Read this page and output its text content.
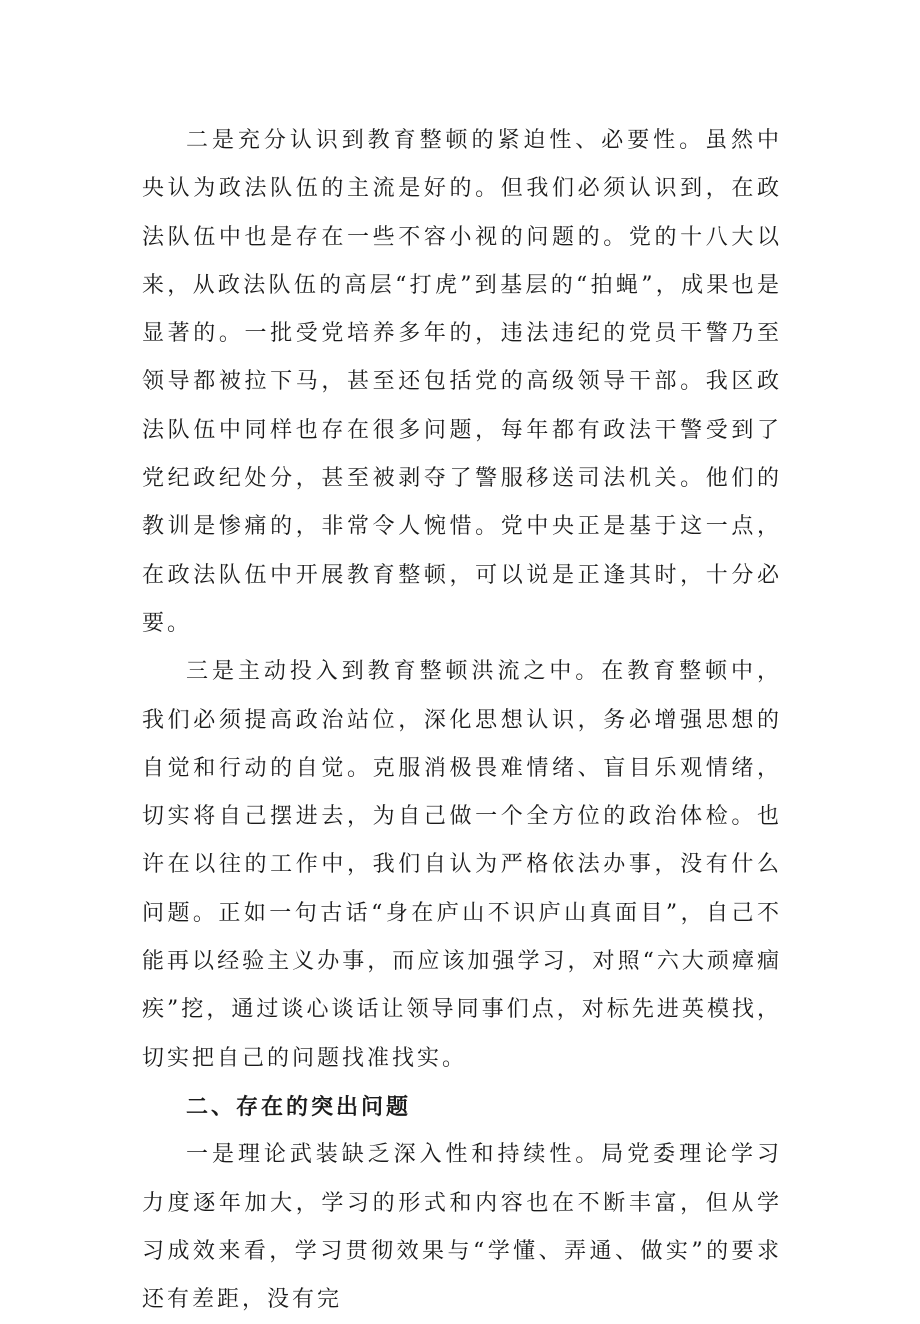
二是充分认识到教育整顿的紧迫性、必要性。虽然中央认为政法队伍的主流是好的。但我们必须认识到，在政法队伍中也是存在一些不容小视的问题的。党的十八大以来，从政法队伍的高层“打虎”到基层的“拍蝇”，成果也是显著的。一批受党培养多年的，违法违纪的党员干警乃至领导都被拉下马，甚至还包括党的高级领导干部。我区政法队伍中同样也存在很多问题，每年都有政法干警受到了党纪政纪处分，甚至被剥夺了警服移送司法机关。他们的教训是惨痛的，非常令人惋惜。党中央正是基于这一点，在政法队伍中开展教育整顿，可以说是正逢其时，十分必要。

三是主动投入到教育整顿洪流之中。在教育整顿中，我们必须提高政治站位，深化思想认识，务必增强思想的自觉和行动的自觉。克服消极畏难情绪、盲目乐观情绪，切实将自己摆进去，为自己做一个全方位的政治体检。也许在以往的工作中，我们自认为严格依法办事，没有什么问题。正如一句古话“身在庐山不识庐山真面目”，自己不能再以经验主义办事，而应该加强学习，对照“六大顽瘴痼疾”挖，通过谈心谈话让领导同事们点，对标先进英模找，切实把自己的问题找准找实。

二、存在的突出问题

一是理论武装缺乏深入性和持续性。局党委理论学习力度逐年加大，学习的形式和内容也在不断丰富，但从学习成效来看，学习贯彻效果与“学懂、弄通、做实”的要求还有差距，没有完
